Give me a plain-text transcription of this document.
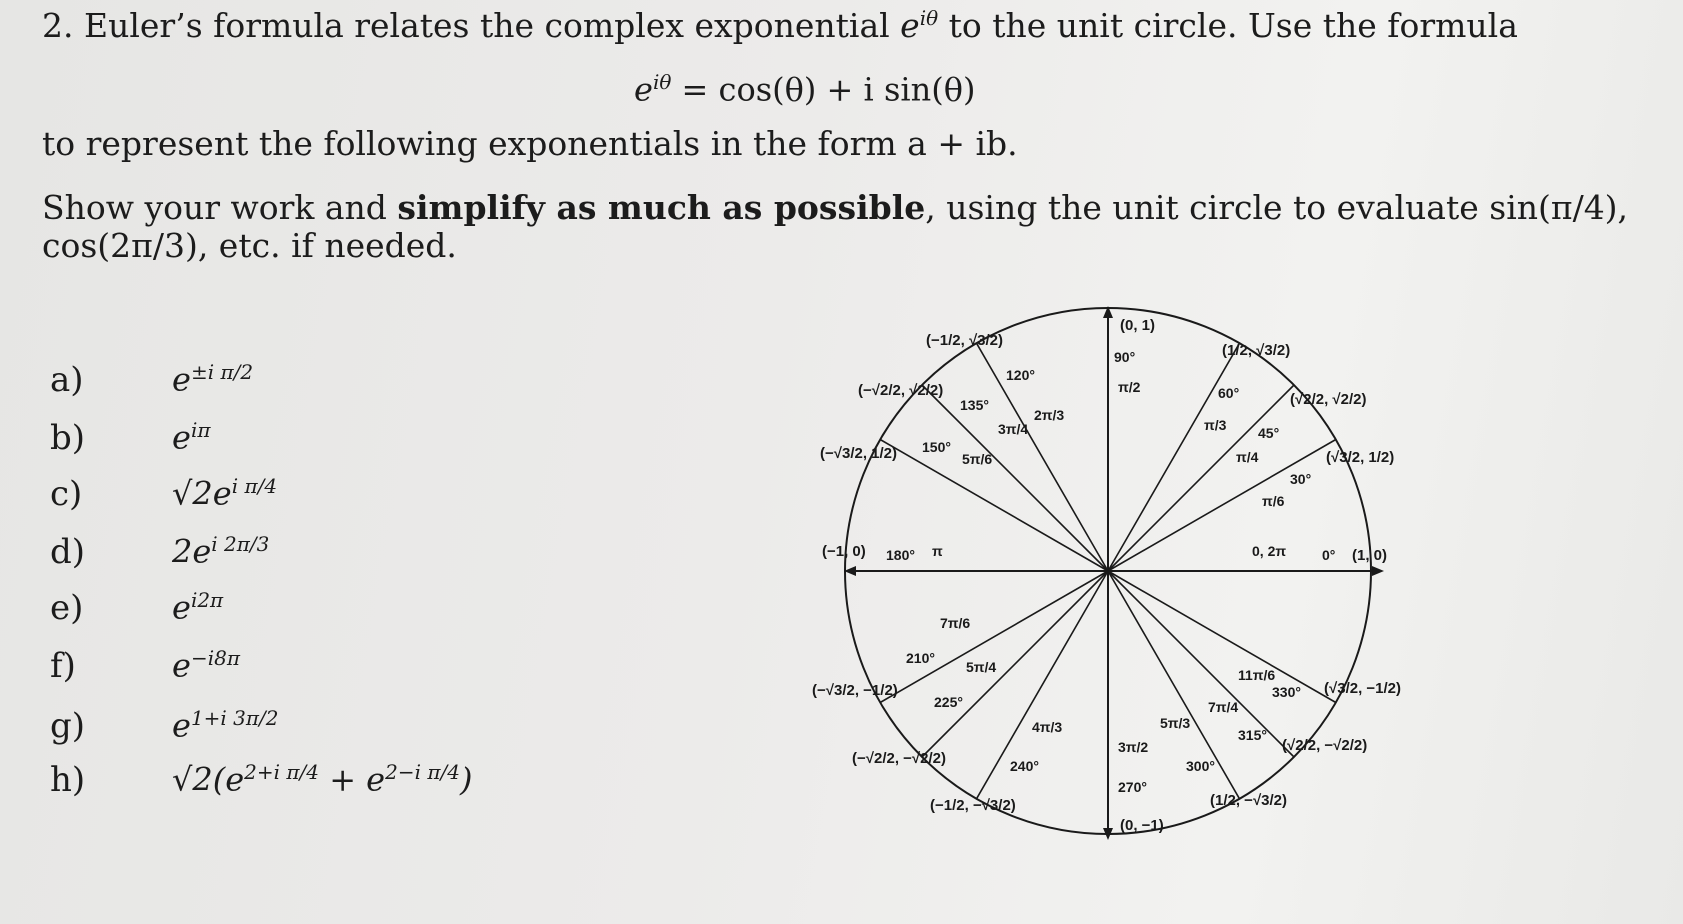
2. Euler’s formula relates the complex exponential $e^{i\theta}$ to the unit circle. Use the formula
$e^{i\theta} = \cos(\theta) + i$ sin(θ)
to represent the following exponentials in the form a + ib.
Show your work and simplify as much as possible, using the unit circle to evaluate sin(π/4),
cos(2π/3), etc. if needed.
a)	$e^{\pm i \pi/2}$
b)	$e^{i\pi}$
c)	$√2e^{i \pi/4}$
d)	$2e^{i 2\pi/3}$
e)	$e^{i2\pi}$
f)	$e^{-i8\pi}$
g)	$e^{1+i 3\pi/2}$
h)	$√2(e^{2+i \pi/4} + e^{2-i \pi/4})$
(0, 1)
(1, 0)
(−1, 0)
(0, −1)
(1/2, √3/2)
(√2/2, √2/2)
(√3/2, 1/2)
(−1/2, √3/2)
(−√2/2, √2/2)
(−√3/2, 1/2)
(−√3/2, −1/2)
(−√2/2, −√2/2)
(−1/2, −√3/2)	(1/2, −√3/2)
(√2/2, −√2/2)
(√3/2, −1/2)
90°
60°
45°
30°
0°
120°
135°
150°
180°
210°
225°
240°
270°
300°
315°
330°
π/2
π/3
π/4
π/6
0, 2π
2π/3
3π/4
5π/6
π
7π/6
5π/4
4π/3
3π/2
5π/3
7π/4
11π/6
